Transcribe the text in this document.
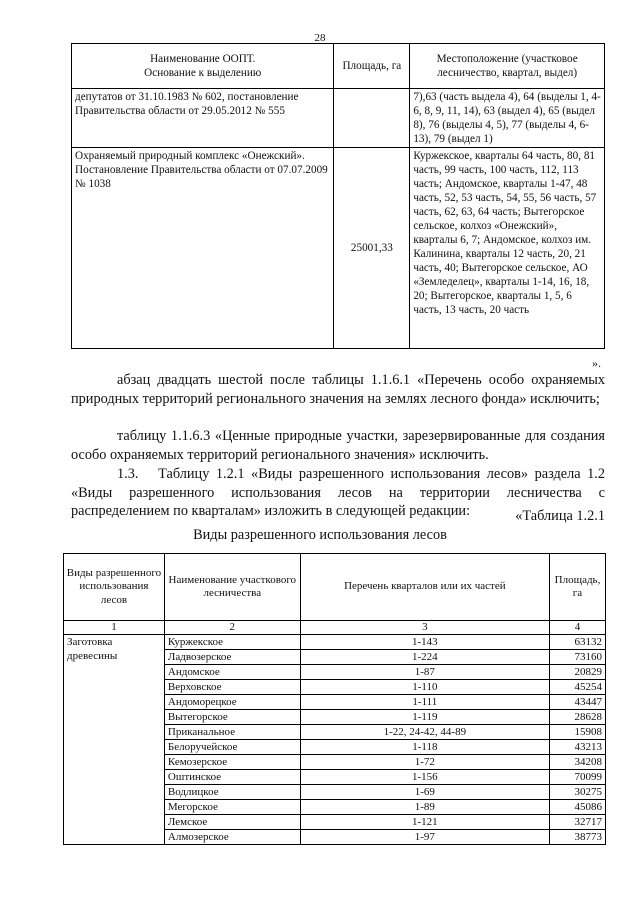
28
Наименование ООПТ.
Основание к выделению	Площадь, га	Местоположение (участковое лесничество, квартал, выдел)
депутатов от 31.10.1983 № 602, постановление Правительства области от 29.05.2012 № 555		7),63 (часть выдела 4), 64 (выделы 1, 4-6, 8, 9, 11, 14), 63 (выдел 4), 65 (выдел 8), 76 (выделы 4, 5), 77 (выделы 4, 6-13), 79 (выдел 1)

Охраняемый природный комплекс «Онежский».
Постановление Правительства области от 07.07.2009 № 1038	25001,33	Куржекское, кварталы 64 часть, 80, 81 часть, 99 часть, 100 часть, 112, 113 часть; Андомское, кварталы 1-47, 48 часть, 52, 53 часть, 54, 55, 56 часть, 57 часть, 62, 63, 64 часть; Вытегорское сельское, колхоз «Онежский», кварталы 6, 7; Андомское, колхоз им. Калинина, кварталы 12 часть, 20, 21 часть, 40; Вытегорское сельское, АО «Земледелец», кварталы 1-14, 16, 18, 20; Вытегорское, кварталы 1, 5, 6 часть, 13 часть, 20 часть
».

абзац двадцать шестой после таблицы 1.1.6.1 «Перечень особо охраняемых природных территорий регионального значения на землях лесного фонда» исключить;

таблицу 1.1.6.3 «Ценные природные участки, зарезервированные для создания особо охраняемых территорий регионального значения» исключить.

1.3.   Таблицу 1.2.1 «Виды разрешенного использования лесов» раздела 1.2 «Виды разрешенного использования лесов на территории лесничества с распределением по кварталам» изложить в следующей редакции:	«Таблица 1.2.1
Виды разрешенного использования лесов
Виды разрешенного использования лесов	Наименование участкового лесничества	Перечень кварталов или их частей	Площадь, га
1	2	3	4
Заготовка древесины	Куржекское	1-143	63132
	Ладвозерское	1-224	73160
	Андомское	1-87	20829
	Верховское	1-110	45254
	Андоморецкое	1-111	43447
	Вытегорское	1-119	28628
	Приканальное	1-22, 24-42, 44-89	15908
	Белоручейское	1-118	43213
	Кемозерское	1-72	34208
	Оштинское	1-156	70099
	Водлицкое	1-69	30275
	Мегорское	1-89	45086
	Лемское	1-121	32717
	Алмозерское	1-97	38773
